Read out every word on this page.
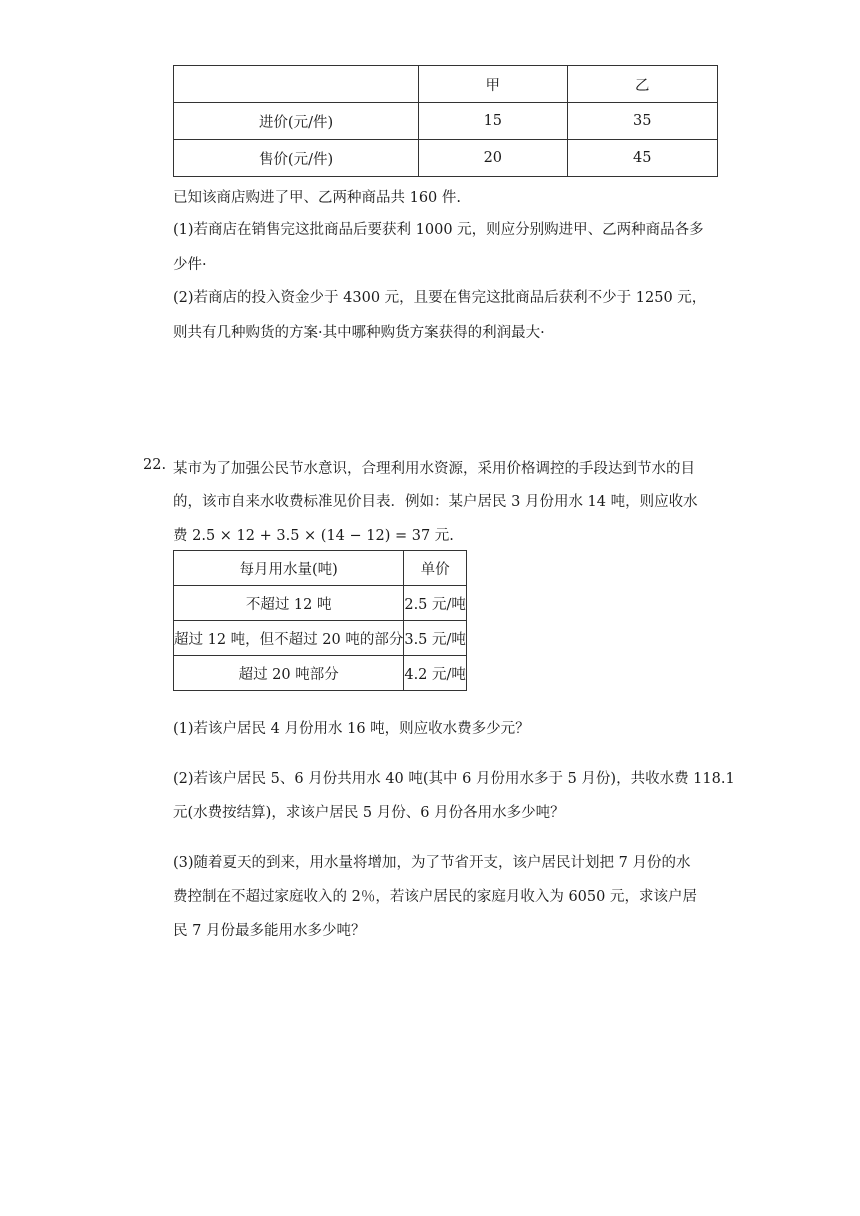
	甲	乙
进价(元/件)	15	35
售价(元/件)	20	45
已知该商店购进了甲、乙两种商品共 160 件.
(1)若商店在销售完这批商品后要获利 1000 元，则应分别购进甲、乙两种商品各多
少件·
(2)若商店的投入资金少于 4300 元，且要在售完这批商品后获利不少于 1250 元，
则共有几种购货的方案·其中哪种购货方案获得的利润最大·
22. 某市为了加强公民节水意识，合理利用水资源，采用价格调控的手段达到节水的目
的，该市自来水收费标准见价目表．例如：某户居民 3 月份用水 14 吨，则应收水
费 2.5 × 12 + 3.5 × (14 − 12) = 37 元.
每月用水量(吨)	单价
不超过 12 吨	2.5 元/吨
超过 12 吨，但不超过 20 吨的部分	3.5 元/吨
超过 20 吨部分	4.2 元/吨
(1)若该户居民 4 月份用水 16 吨，则应收水费多少元？
(2)若该户居民 5、6 月份共用水 40 吨(其中 6 月份用水多于 5 月份)，共收水费 118.1
元(水费按结算)，求该户居民 5 月份、6 月份各用水多少吨？
(3)随着夏天的到来，用水量将增加，为了节省开支，该户居民计划把 7 月份的水
费控制在不超过家庭收入的 2％，若该户居民的家庭月收入为 6050 元，求该户居
民 7 月份最多能用水多少吨？
